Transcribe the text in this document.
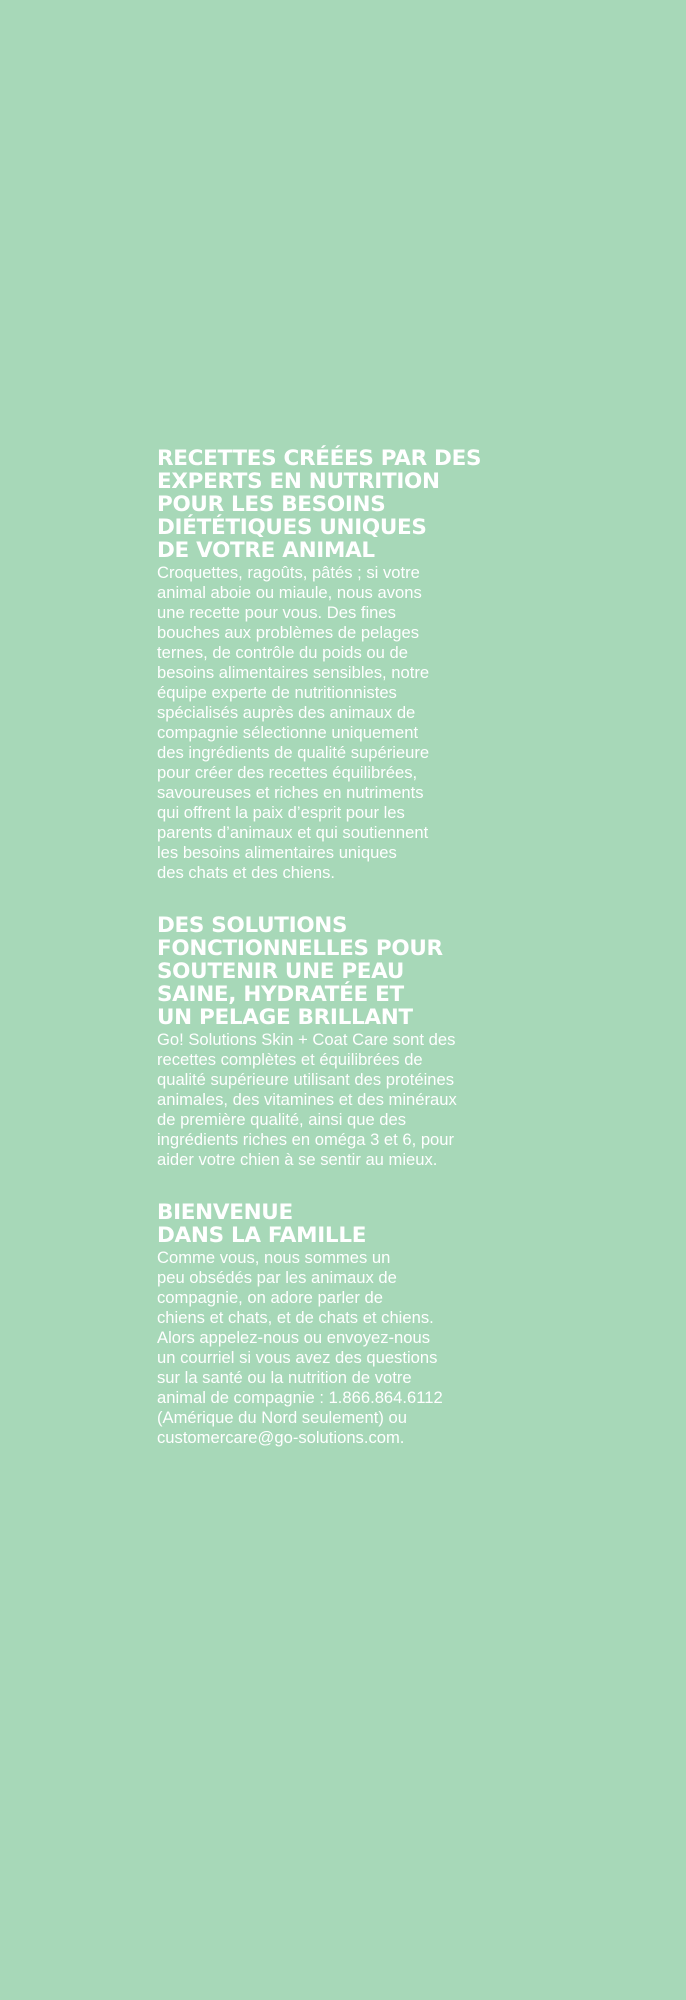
RECETTES CRÉÉES PAR DES
EXPERTS EN NUTRITION
POUR LES BESOINS
DIÉTÉTIQUES UNIQUES
DE VOTRE ANIMAL

Croquettes, ragoûts, pâtés ; si votre
animal aboie ou miaule, nous avons
une recette pour vous. Des fines
bouches aux problèmes de pelages
ternes, de contrôle du poids ou de
besoins alimentaires sensibles, notre
équipe experte de nutritionnistes
spécialisés auprès des animaux de
compagnie sélectionne uniquement
des ingrédients de qualité supérieure
pour créer des recettes équilibrées,
savoureuses et riches en nutriments
qui offrent la paix d’esprit pour les
parents d’animaux et qui soutiennent
les besoins alimentaires uniques
des chats et des chiens.

DES SOLUTIONS
FONCTIONNELLES POUR
SOUTENIR UNE PEAU
SAINE, HYDRATÉE ET
UN PELAGE BRILLANT

Go! Solutions Skin + Coat Care sont des
recettes complètes et équilibrées de
qualité supérieure utilisant des protéines
animales, des vitamines et des minéraux
de première qualité, ainsi que des
ingrédients riches en oméga 3 et 6, pour
aider votre chien à se sentir au mieux.

BIENVENUE
DANS LA FAMILLE

Comme vous, nous sommes un
peu obsédés par les animaux de
compagnie, on adore parler de
chiens et chats, et de chats et chiens.
Alors appelez-nous ou envoyez-nous
un courriel si vous avez des questions
sur la santé ou la nutrition de votre
animal de compagnie : 1.866.864.6112
(Amérique du Nord seulement) ou
customercare@go-solutions.com.
